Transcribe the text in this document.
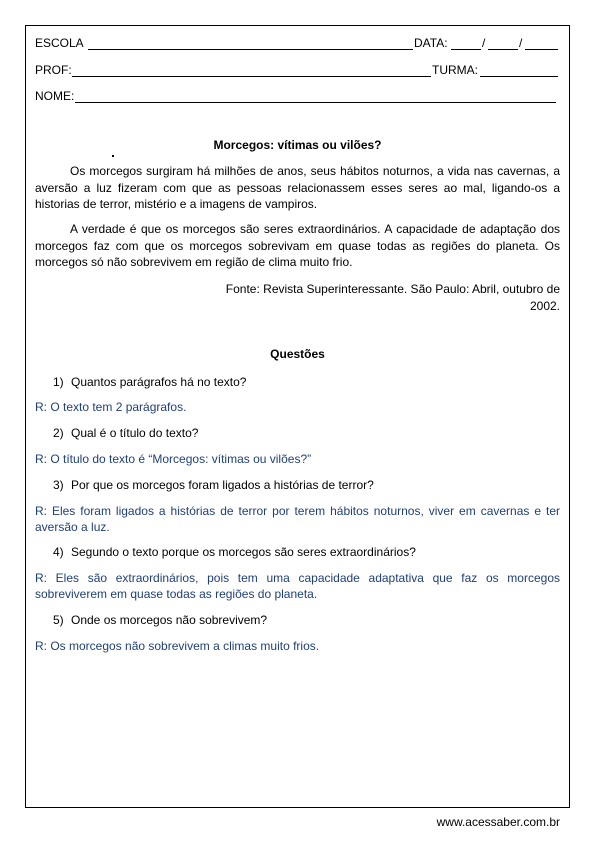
ESCOLA	DATA:	/	/
PROF:	TURMA:
NOME:
Morcegos: vítimas ou vilões?

Os morcegos surgiram há milhões de anos, seus hábitos noturnos, a vida nas cavernas, a aversão a luz fizeram com que as pessoas relacionassem esses seres ao mal, ligando-os a historias de terror, mistério e a imagens de vampiros.

A verdade é que os morcegos são seres extraordinários. A capacidade de adaptação dos morcegos faz com que os morcegos sobrevivam em quase todas as regiões do planeta. Os morcegos só não sobrevivem em região de clima muito frio.

Fonte: Revista Superinteressante. São Paulo: Abril, outubro de
2002.
Questões
1) Quantos parágrafos há no texto?
R: O texto tem 2 parágrafos.
2) Qual é o título do texto?
R: O título do texto é “Morcegos: vítimas ou vilões?”
3) Por que os morcegos foram ligados a histórias de terror?
R: Eles foram ligados a histórias de terror por terem hábitos noturnos, viver em cavernas e ter aversão a luz.
4) Segundo o texto porque os morcegos são seres extraordinários?
R: Eles são extraordinários, pois tem uma capacidade adaptativa que faz os morcegos sobreviverem em quase todas as regiões do planeta.
5) Onde os morcegos não sobrevivem?
R: Os morcegos não sobrevivem a climas muito frios.
www.acessaber.com.br
